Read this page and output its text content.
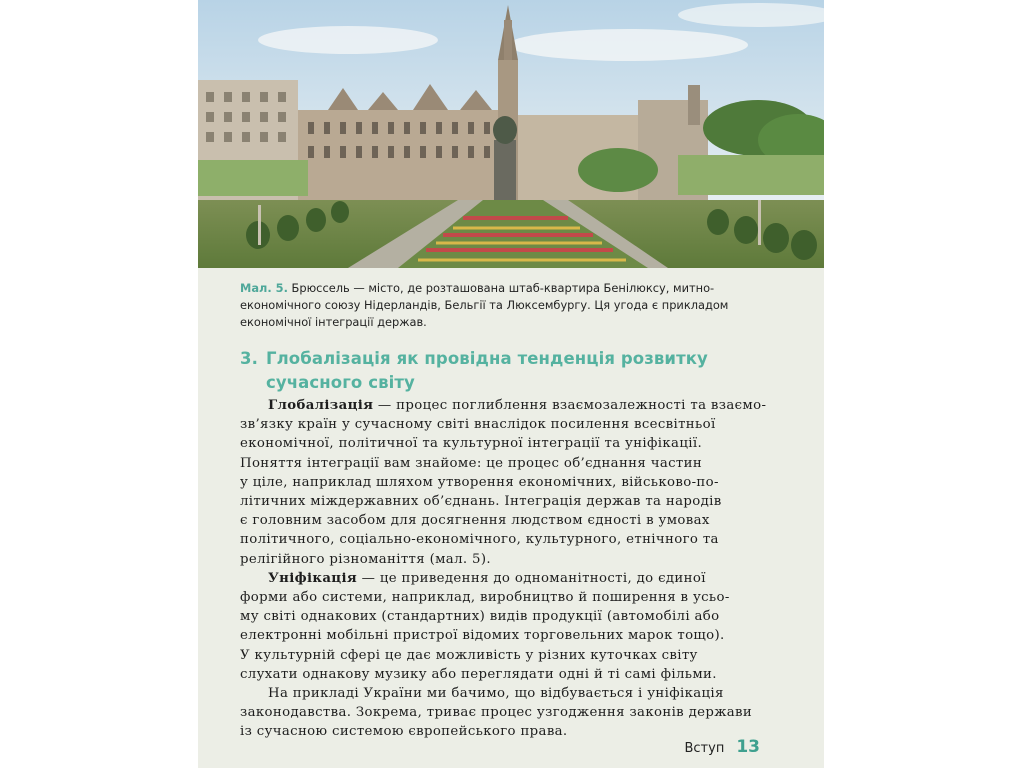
Мал. 5. Брюссель — місто, де розташована штаб-квартира Бенілюксу, митно-
економічного союзу Нідерландів, Бельгії та Люксембургу. Ця угода є прикладом
економічної інтеграції держав.
3. Глобалізація як провідна тенденція розвитку
сучасного світу
Глобалізація — процес поглиблення взаємозалежності та взаємо-
зв’язку країн у сучасному світі внаслідок посилення всесвітньої
економічної, політичної та культурної інтеграції та уніфікації.
Поняття інтеграції вам знайоме: це процес об’єднання частин
у ціле, наприклад шляхом утворення економічних, військово-по-
літичних міждержавних об’єднань. Інтеграція держав та народів
є головним засобом для досягнення людством єдності в умовах
політичного, соціально-економічного, культурного, етнічного та
релігійного різноманіття (мал. 5).
Уніфікація — це приведення до одноманітності, до єдиної
форми або системи, наприклад, виробництво й поширення в усьо-
му світі однакових (стандартних) видів продукції (автомобілі або
електронні мобільні пристрої відомих торговельних марок тощо).
У культурній сфері це дає можливість у різних куточках світу
слухати однакову музику або переглядати одні й ті самі фільми.
На прикладі України ми бачимо, що відбувається і уніфікація
законодавства. Зокрема, триває процес узгодження законів держави
із сучасною системою європейського права.
Вступ 13
